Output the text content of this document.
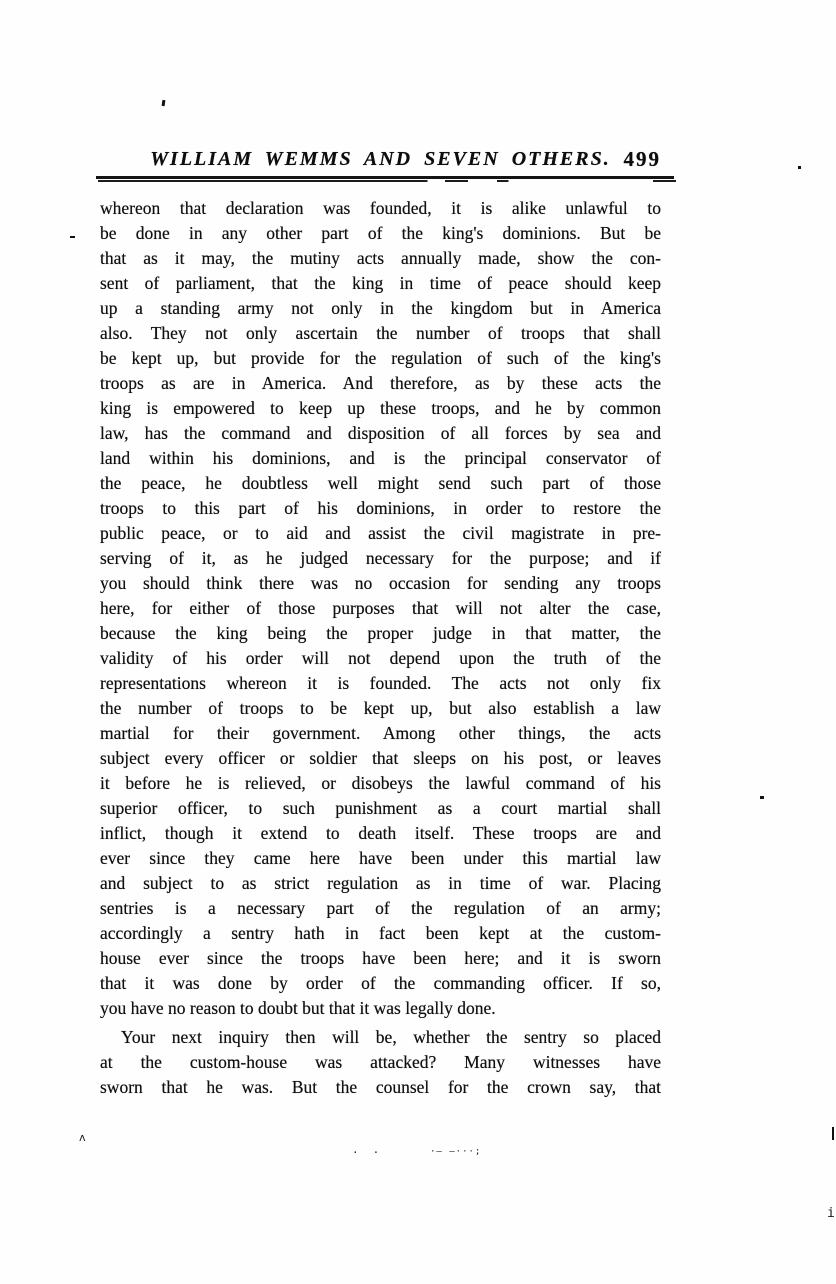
WILLIAM WEMMS AND SEVEN OTHERS. 499
whereon that declaration was founded, it is alike unlawful to
be done in any other part of the king's dominions. But be
that as it may, the mutiny acts annually made, show the con-
sent of parliament, that the king in time of peace should keep
up a standing army not only in the kingdom but in America
also. They not only ascertain the number of troops that shall
be kept up, but provide for the regulation of such of the king's
troops as are in America. And therefore, as by these acts the
king is empowered to keep up these troops, and he by common
law, has the command and disposition of all forces by sea and
land within his dominions, and is the principal conservator of
the peace, he doubtless well might send such part of those
troops to this part of his dominions, in order to restore the
public peace, or to aid and assist the civil magistrate in pre-
serving of it, as he judged necessary for the purpose; and if
you should think there was no occasion for sending any troops
here, for either of those purposes that will not alter the case,
because the king being the proper judge in that matter, the
validity of his order will not depend upon the truth of the
representations whereon it is founded. The acts not only fix
the number of troops to be kept up, but also establish a law
martial for their government. Among other things, the acts
subject every officer or soldier that sleeps on his post, or leaves
it before he is relieved, or disobeys the lawful command of his
superior officer, to such punishment as a court martial shall
inflict, though it extend to death itself. These troops are and
ever since they came here have been under this martial law
and subject to as strict regulation as in time of war. Placing
sentries is a necessary part of the regulation of an army;
accordingly a sentry hath in fact been kept at the custom-
house ever since the troops have been here; and it is sworn
that it was done by order of the commanding officer. If so,
you have no reason to doubt but that it was legally done.
Your next inquiry then will be, whether the sentry so placed
at the custom-house was attacked? Many witnesses have
sworn that he was. But the counsel for the crown say, that
ʌ
i
··	·— —···;
